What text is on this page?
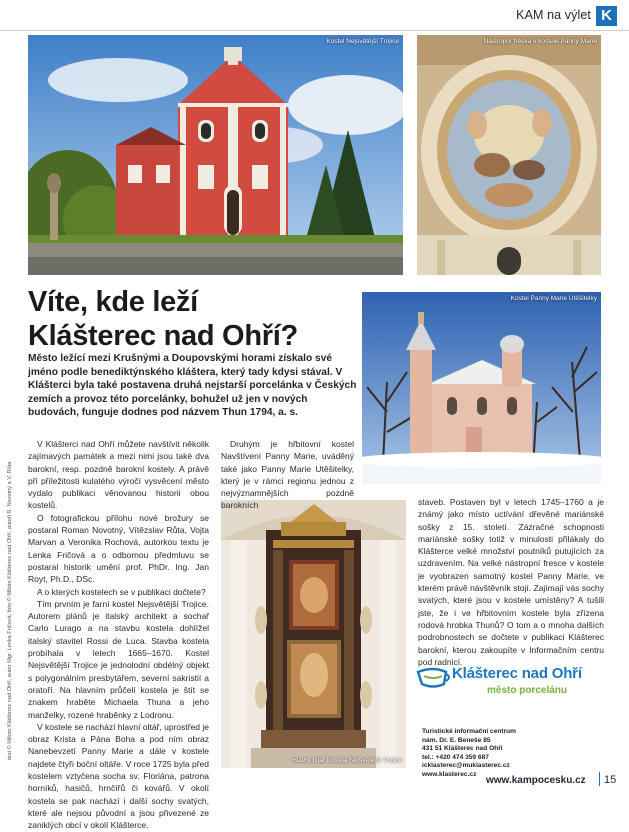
KAM na výlet K
Kostel Nejsvětější Trojice	Nástropní freska v kostele Panny Marie
Víte, kde leží
Klášterec nad Ohří?
Město ležící mezi Krušnými a Doupovskými horami získalo své jméno podle benediktýnského kláštera, který tady kdysi stával. V Klášterci byla také postavena druhá nejstarší porcelánka v Českých zemích a provoz této porcelánky, bohužel už jen v nových budovách, funguje dodnes pod názvem Thun 1794, a. s.
Kostel Panny Marie Utěšitelky
Hlavní oltář kostela Nejsvětější Trojice

V Klášterci nad Ohří můžete navštívit několik zajímavých památek a mezi nimi jsou také dva barokní, resp. pozdně barokní kostely. A právě při příležitosti kulatého výročí vysvěcení město vydalo publikaci věnovanou historii obou kostelů.

O fotografickou přílohu nové brožury se postaral Roman Novotný, Vítězslav Růta, Vojta Marvan a Veronika Rochová, autorkou textu je Lenka Fričová a o odbornou předmluvu se postaral historik umění prof. PhDr. Ing. Jan Royt, Ph.D., DSc.

A o kterých kostelech se v publikaci dočtete?

Tím prvním je farní kostel Nejsvětější Trojice. Autorem plánů je italský architekt a sochař Carlo Lurago a na stavbu kostela dohlížel italský stavitel Rossi de Luca. Stavba kostela probíhala v letech 1665–1670. Kostel Nejsvětější Trojice je jednolodní obdélný objekt s polygonálním presbytářem, severní sakristií a oratoří. Na hlavním průčelí kostela je štít se znakem hraběte Michaela Thuna a jeho manželky, rozené hraběnky z Lodronu.

V kostele se nachází hlavní oltář, uprostřed je obraz Krista a Pána Boha a pod ním obraz Nanebevzetí Panny Marie a dále v kostele najdete čtyři boční oltáře. V roce 1725 byla před kostelem vztyčena socha sv. Floriána, patrona horníků, hasičů, hrnčířů či kovářů. V okolí kostela se pak nachází i další sochy svatých, které ale nejsou původní a jsou přivezené ze zaniklých obcí v okolí Klášterce.

Druhým je hřbitovní kostel Navštívení Panny Marie, uváděný také jako Panny Marie Utěšitelky, který je v rámci regionu jednou z nejvýznamnějších pozdně barokních	staveb. Postaven byl v letech 1745–1760 a je známý jako místo uctívání dřevěné mariánské sošky z 15. století. Zázračné schopnosti mariánské sošky totiž v minulosti přilákaly do Klášterce velké množství poutníků putujících za uzdravením. Na velké nástropní fresce v kostele je vyobrazen samotný kostel Panny Marie, ve kterém právě návštěvník stojí. Zajímají vás sochy svatých, které jsou v kostele umístěny? A tušili jste, že i ve hřbitovním kostele byla zřízena rodová hrobka Thunů? O tom a o mnoha dalších podrobnostech se dočtete v publikaci Klášterec barokní, kterou zakoupíte v Informačním centru pod radnicí.

text © Město Klášterec nad Ohří, autor Mgr. Lenka Fričová; foto © Město Klášterec nad Ohří, autoři R. Novotný a V. Růta	Klášterec nad Ohří
město porcelánu
Turistické informační centrum
nám. Dr. E. Beneše 85
431 51 Klášterec nad Ohří
tel.: +420 474 359 687
icklasterec@muklasterec.cz
www.klasterec.cz
www.kampocesku.cz 15
